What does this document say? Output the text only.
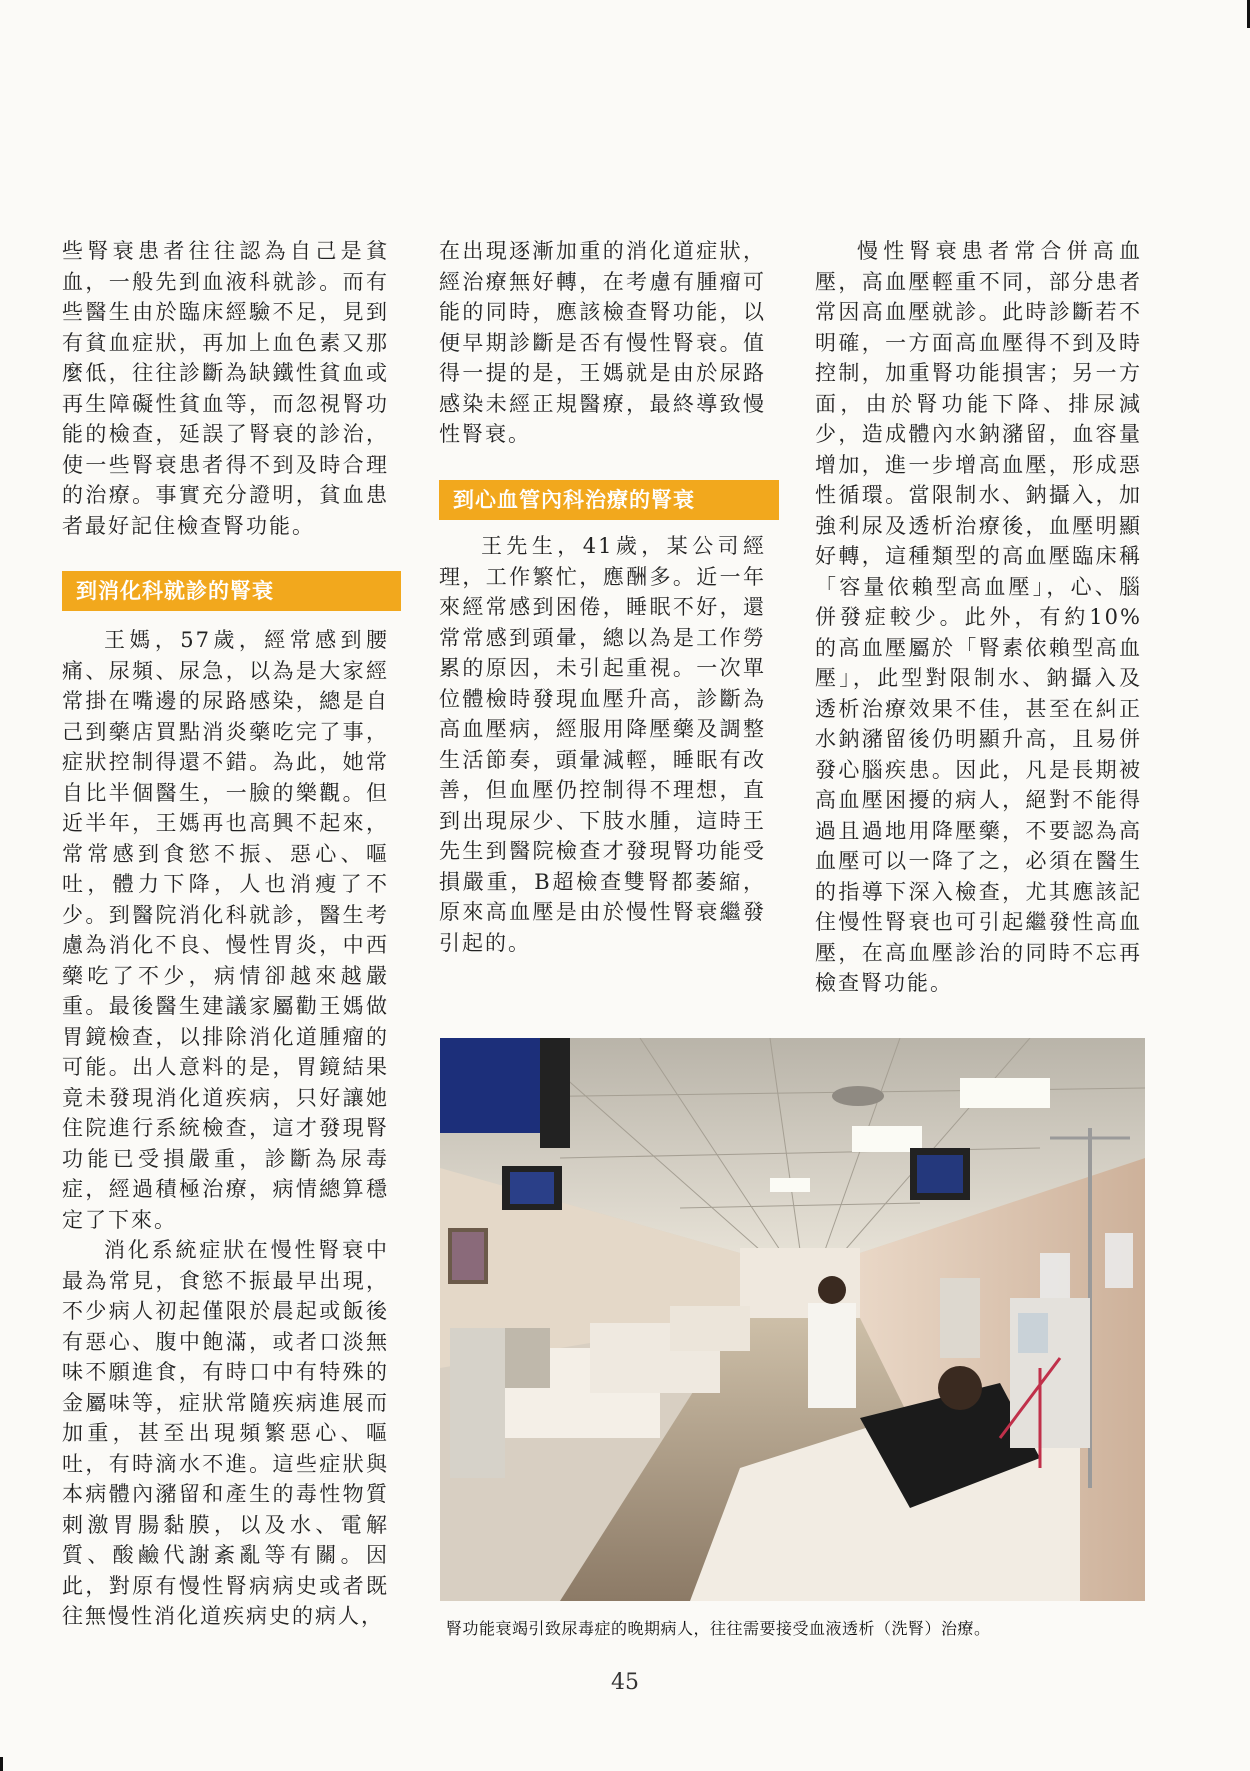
些腎衰患者往往認為自己是貧血，一般先到血液科就診。而有些醫生由於臨床經驗不足，見到有貧血症狀，再加上血色素又那麼低，往往診斷為缺鐵性貧血或再生障礙性貧血等，而忽視腎功能的檢查，延誤了腎衰的診治，使一些腎衰患者得不到及時合理的治療。事實充分證明，貧血患者最好記住檢查腎功能。

到消化科就診的腎衰

王媽，57歲，經常感到腰痛、尿頻、尿急，以為是大家經常掛在嘴邊的尿路感染，總是自己到藥店買點消炎藥吃完了事，症狀控制得還不錯。為此，她常自比半個醫生，一臉的樂觀。但近半年，王媽再也高興不起來，常常感到食慾不振、惡心、嘔吐，體力下降，人也消瘦了不少。到醫院消化科就診，醫生考慮為消化不良、慢性胃炎，中西藥吃了不少，病情卻越來越嚴重。最後醫生建議家屬勸王媽做胃鏡檢查，以排除消化道腫瘤的可能。出人意料的是，胃鏡結果竟未發現消化道疾病，只好讓她住院進行系統檢查，這才發現腎功能已受損嚴重，診斷為尿毒症，經過積極治療，病情總算穩定了下來。

消化系統症狀在慢性腎衰中最為常見，食慾不振最早出現，不少病人初起僅限於晨起或飯後有惡心、腹中飽滿，或者口淡無味不願進食，有時口中有特殊的金屬味等，症狀常隨疾病進展而加重，甚至出現頻繁惡心、嘔吐，有時滴水不進。這些症狀與本病體內瀦留和產生的毒性物質刺激胃腸黏膜，以及水、電解質、酸鹼代謝紊亂等有關。因此，對原有慢性腎病病史或者既往無慢性消化道疾病史的病人，

在出現逐漸加重的消化道症狀，經治療無好轉，在考慮有腫瘤可能的同時，應該檢查腎功能，以便早期診斷是否有慢性腎衰。值得一提的是，王媽就是由於尿路感染未經正規醫療，最終導致慢性腎衰。

到心血管內科治療的腎衰

王先生，41歲，某公司經理，工作繁忙，應酬多。近一年來經常感到困倦，睡眠不好，還常常感到頭暈，總以為是工作勞累的原因，未引起重視。一次單位體檢時發現血壓升高，診斷為高血壓病，經服用降壓藥及調整生活節奏，頭暈減輕，睡眠有改善，但血壓仍控制得不理想，直到出現尿少、下肢水腫，這時王先生到醫院檢查才發現腎功能受損嚴重，B超檢查雙腎都萎縮，原來高血壓是由於慢性腎衰繼發引起的。

慢性腎衰患者常合併高血壓，高血壓輕重不同，部分患者常因高血壓就診。此時診斷若不明確，一方面高血壓得不到及時控制，加重腎功能損害；另一方面，由於腎功能下降、排尿減少，造成體內水鈉瀦留，血容量增加，進一步增高血壓，形成惡性循環。當限制水、鈉攝入，加強利尿及透析治療後，血壓明顯好轉，這種類型的高血壓臨床稱「容量依賴型高血壓」，心、腦併發症較少。此外，有約10%的高血壓屬於「腎素依賴型高血壓」，此型對限制水、鈉攝入及透析治療效果不佳，甚至在糾正水鈉瀦留後仍明顯升高，且易併發心腦疾患。因此，凡是長期被高血壓困擾的病人，絕對不能得過且過地用降壓藥，不要認為高血壓可以一降了之，必須在醫生的指導下深入檢查，尤其應該記住慢性腎衰也可引起繼發性高血壓，在高血壓診治的同時不忘再檢查腎功能。

腎功能衰竭引致尿毒症的晚期病人，往往需要接受血液透析（洗腎）治療。
45
